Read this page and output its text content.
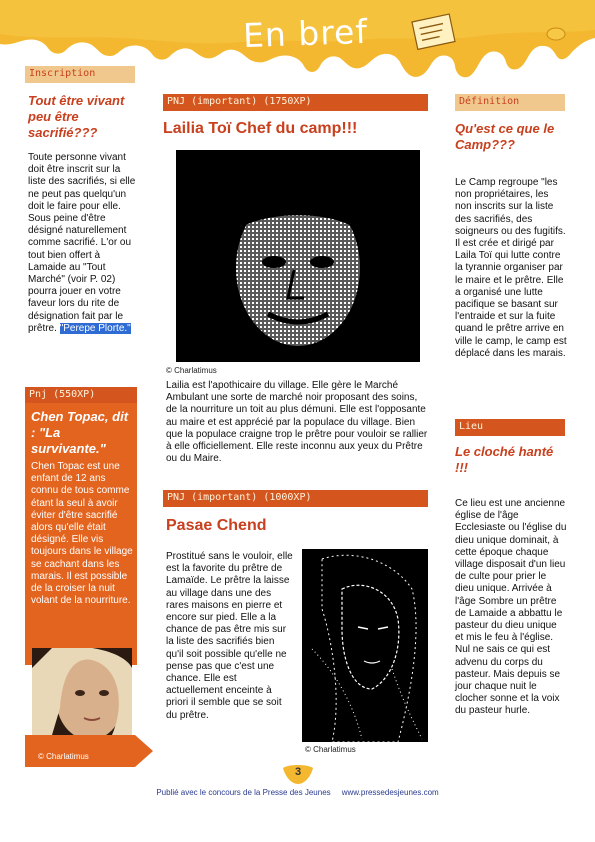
En bref
Inscription
Tout être vivant peu être sacrifié???
Toute personne vivant doit être inscrit sur la liste des sacrifiés, si elle ne peut pas quelqu'un doit le faire pour elle. Sous peine d'être désigné naturellement comme sacrifié. L'or ou tout bien offert à Lamaide au "Tout Marché" (voir P. 02) pourra jouer en votre faveur lors du rite de désignation fait par le prêtre. "Perepe Plorte."
Pnj (550XP)
Chen Topac, dit : "La survivante."
Chen Topac est une enfant de 12 ans connu de tous comme étant la seul à avoir éviter d'être sacrifié alors qu'elle était désigné. Elle vis toujours dans le village se cachant dans les marais. Il est possible de la croiser la nuit volant de la nourriture.
© Charlatimus
PNJ (important) (1750XP)
Lailia Toï Chef du camp!!!
© Charlatimus
Lailia est l'apothicaire du village. Elle gère le Marché Ambulant une sorte de marché noir proposant des soins, de la nourriture un toit au plus démuni. Elle est l'opposante au maire et est apprécié par la populace du village. Bien que la populace craigne trop le prêtre pour vouloir se rallier à elle officiellement. Elle reste inconnu aux yeux du Prêtre ou du Maire.
PNJ (important) (1000XP)
Pasae Chend
Prostitué sans le vouloir, elle est la favorite du prêtre de Lamaïde. Le prêtre la laisse au village dans une des rares maisons en pierre et encore sur pied. Elle a la chance de pas être mis sur la liste des sacrifiés bien qu'il soit possible qu'elle ne pense pas que c'est une chance. Elle est actuellement enceinte à priori il semble que se soit du prêtre.
© Charlatimus
Définition
Qu'est ce que le Camp???
Le Camp regroupe "les non propriétaires, les non inscrits sur la liste des sacrifiés, des soigneurs ou des fugitifs. Il est crée et dirigé par Laila Toï qui lutte contre la tyrannie organiser par le maire et le prêtre. Elle a organisé une lutte pacifique se basant sur l'entraide et sur la fuite quand le prêtre arrive en ville le camp, le camp est déplacé dans les marais.
Lieu
Le cloché hanté !!!
Ce lieu est une ancienne église de l'âge Ecclesiaste ou l'église du dieu unique dominait, à cette époque chaque village disposait d'un lieu de culte pour prier le dieu unique. Arrivée à l'âge Sombre un prêtre de Lamaide a abbattu le pasteur du dieu unique et mis le feu à l'église. Nul ne sais ce qui est advenu du corps du pasteur. Mais depuis se jour chaque nuit le clocher sonne et la voix du pasteur hurle.
3
Publié avec le concours de la Presse des Jeunes     www.pressedesjeunes.com
